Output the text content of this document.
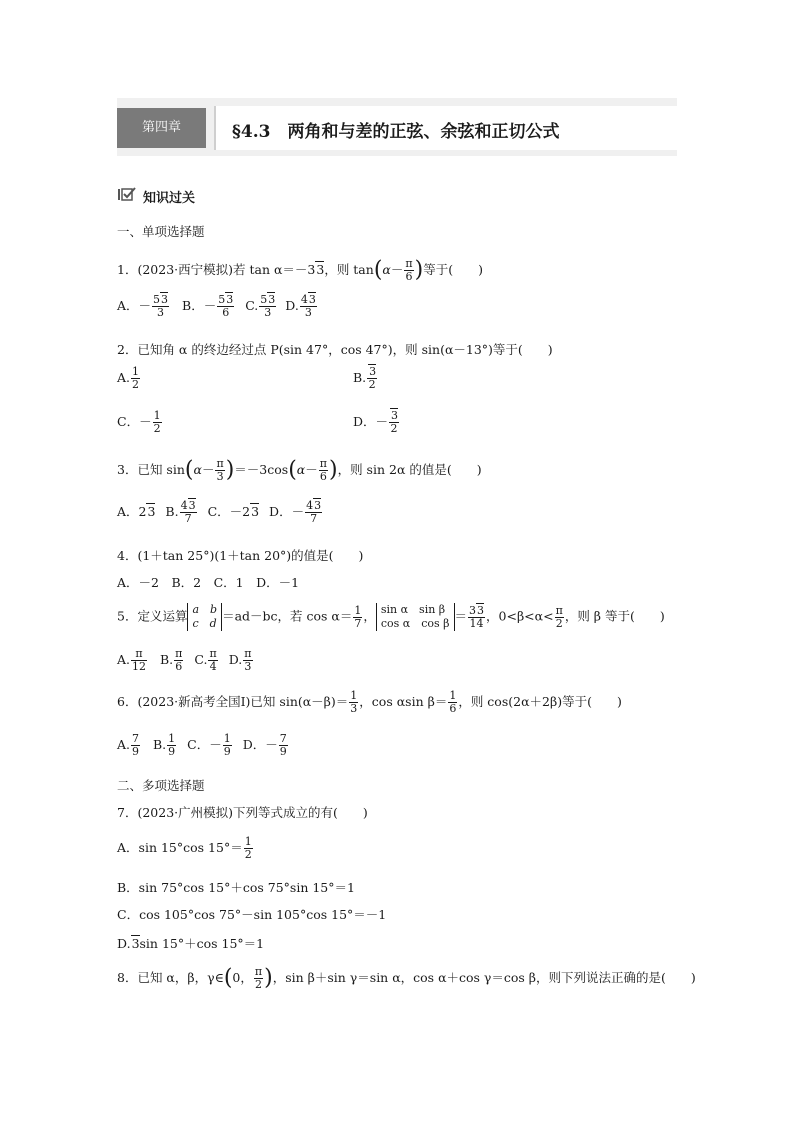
第四章	§4.3　两角和与差的正弦、余弦和正切公式
知识过关
一、单项选择题
1．(2023·西宁模拟)若 tan α＝－33，则 $\tan(\alpha- \frac{\pi}{6}$ )等于(　　)
A．－ $\frac{53}{3}$ B．－ $\frac{53}{6} C$. $\frac{53}{3} D$. $\frac{43}{3}$
2．已知角 α 的终边经过点 P(sin 47°，cos 47°)，则 sin(α－13°)等于(　　)
A. $\frac{1}{2}$	B. $\frac{3}{2}$
C．－ $\frac{1}{2}$	D．－ $\frac{3}{2}$
3．已知 $\sin(\alpha- \frac{\pi}{3} )=-3\cos(\alpha- \frac{\pi}{6}$ )，则 sin 2α 的值是(　　)
A．23 B. $\frac{43}{7}$ C．－23 D．－ $\frac{43}{7}$
4．(1＋tan 25°)(1＋tan 20°)的值是(　　)
A．－2　B．2　C．1　D．－1
5．定义运算 a　b
c　d ＝ad－bc，若 $\cos \alpha= \frac{1}{7}$ ， sin α　sin β
cos α　$\cos \beta = \frac{33}{14}$ ，$0<\beta<\alpha< \frac{\pi}{2}$ ，则 β 等于(　　)
A. $\frac{\pi}{12} B$. $\frac{\pi}{6} C$. $\frac{\pi}{4} D$. $\frac{\pi}{3}$
6．(2023·新高考全国Ⅰ)已知 $\sin(\alpha-\beta)= \frac{1}{3}$ ，cos αsin $\beta= \frac{1}{6}$ ，则 cos(2α＋2β)等于(　　)
A. $\frac{7}{9} B$. $\frac{1}{9}$ C．－ $\frac{1}{9}$ D．－ $\frac{7}{9}$
二、多项选择题
7．(2023·广州模拟)下列等式成立的有(　　)
A．sin 15°cos $15^\circ= \frac{1}{2}$
B．sin 75°cos 15°＋cos 75°sin 15°＝1
C．cos 105°cos 75°－sin 105°cos 15°＝－1
D.3sin 15°＋cos 15°＝1
8．已知 α，β，γ∈(0， $\frac{\pi}{2}$ )，sin β＋sin γ＝sin α，cos α＋cos γ＝cos β，则下列说法正确的是(　　)
